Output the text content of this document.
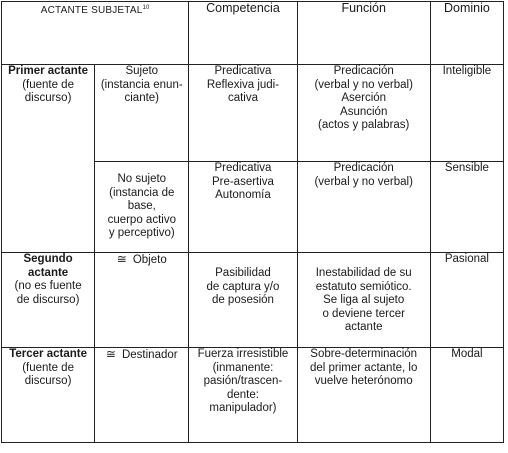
ACTANTE SUBJETAL$^{10}$		Competencia	Función	Dominio

Primer actante
(fuente de
discurso)	Sujeto
(instancia enun-
ciante)	Predicativa
Reflexiva judi-
cativa	Predicación
(verbal y no verbal)
Aserción
Asunción
(actos y palabras)	Inteligible

	No sujeto
(instancia de
base,
cuerpo activo
y perceptivo)	Predicativa
Pre-asertiva
Autonomía	Predicación
(verbal y no verbal)	Sensible

Segundo
actante
(no es fuente
de discurso)	≅ Objeto	Pasibilidad
de captura y/o
de posesión	Inestabilidad de su
estatuto semiótico.
Se liga al sujeto
o deviene tercer
actante	Pasional

Tercer actante
(fuente de
discurso)	≅ Destinador	Fuerza irresistible
(inmanente:
pasión/trascen-
dente:
manipulador)	Sobre-determinación
del primer actante, lo
vuelve heterónomo	Modal
